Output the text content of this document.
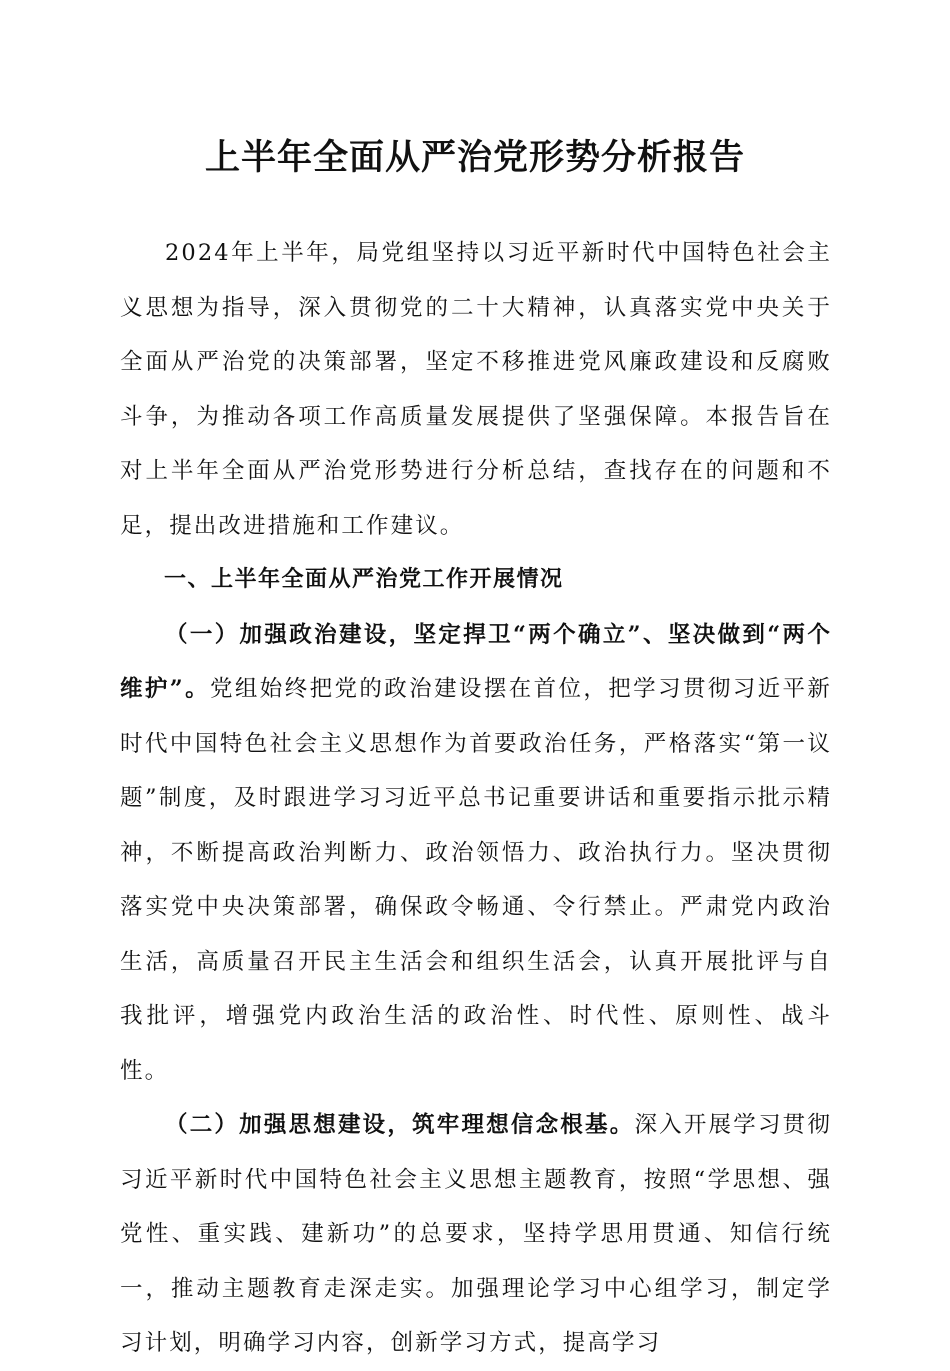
上半年全面从严治党形势分析报告

2024年上半年，局党组坚持以习近平新时代中国特色社会主义思想为指导，深入贯彻党的二十大精神，认真落实党中央关于全面从严治党的决策部署，坚定不移推进党风廉政建设和反腐败斗争，为推动各项工作高质量发展提供了坚强保障。本报告旨在对上半年全面从严治党形势进行分析总结，查找存在的问题和不足，提出改进措施和工作建议。

一、上半年全面从严治党工作开展情况

（一）加强政治建设，坚定捍卫“两个确立”、坚决做到“两个维护”。党组始终把党的政治建设摆在首位，把学习贯彻习近平新时代中国特色社会主义思想作为首要政治任务，严格落实“第一议题”制度，及时跟进学习习近平总书记重要讲话和重要指示批示精神，不断提高政治判断力、政治领悟力、政治执行力。坚决贯彻落实党中央决策部署，确保政令畅通、令行禁止。严肃党内政治生活，高质量召开民主生活会和组织生活会，认真开展批评与自我批评，增强党内政治生活的政治性、时代性、原则性、战斗性。

（二）加强思想建设，筑牢理想信念根基。深入开展学习贯彻习近平新时代中国特色社会主义思想主题教育，按照“学思想、强党性、重实践、建新功”的总要求，坚持学思用贯通、知信行统一，推动主题教育走深走实。加强理论学习中心组学习，制定学习计划，明确学习内容，创新学习方式，提高学习
